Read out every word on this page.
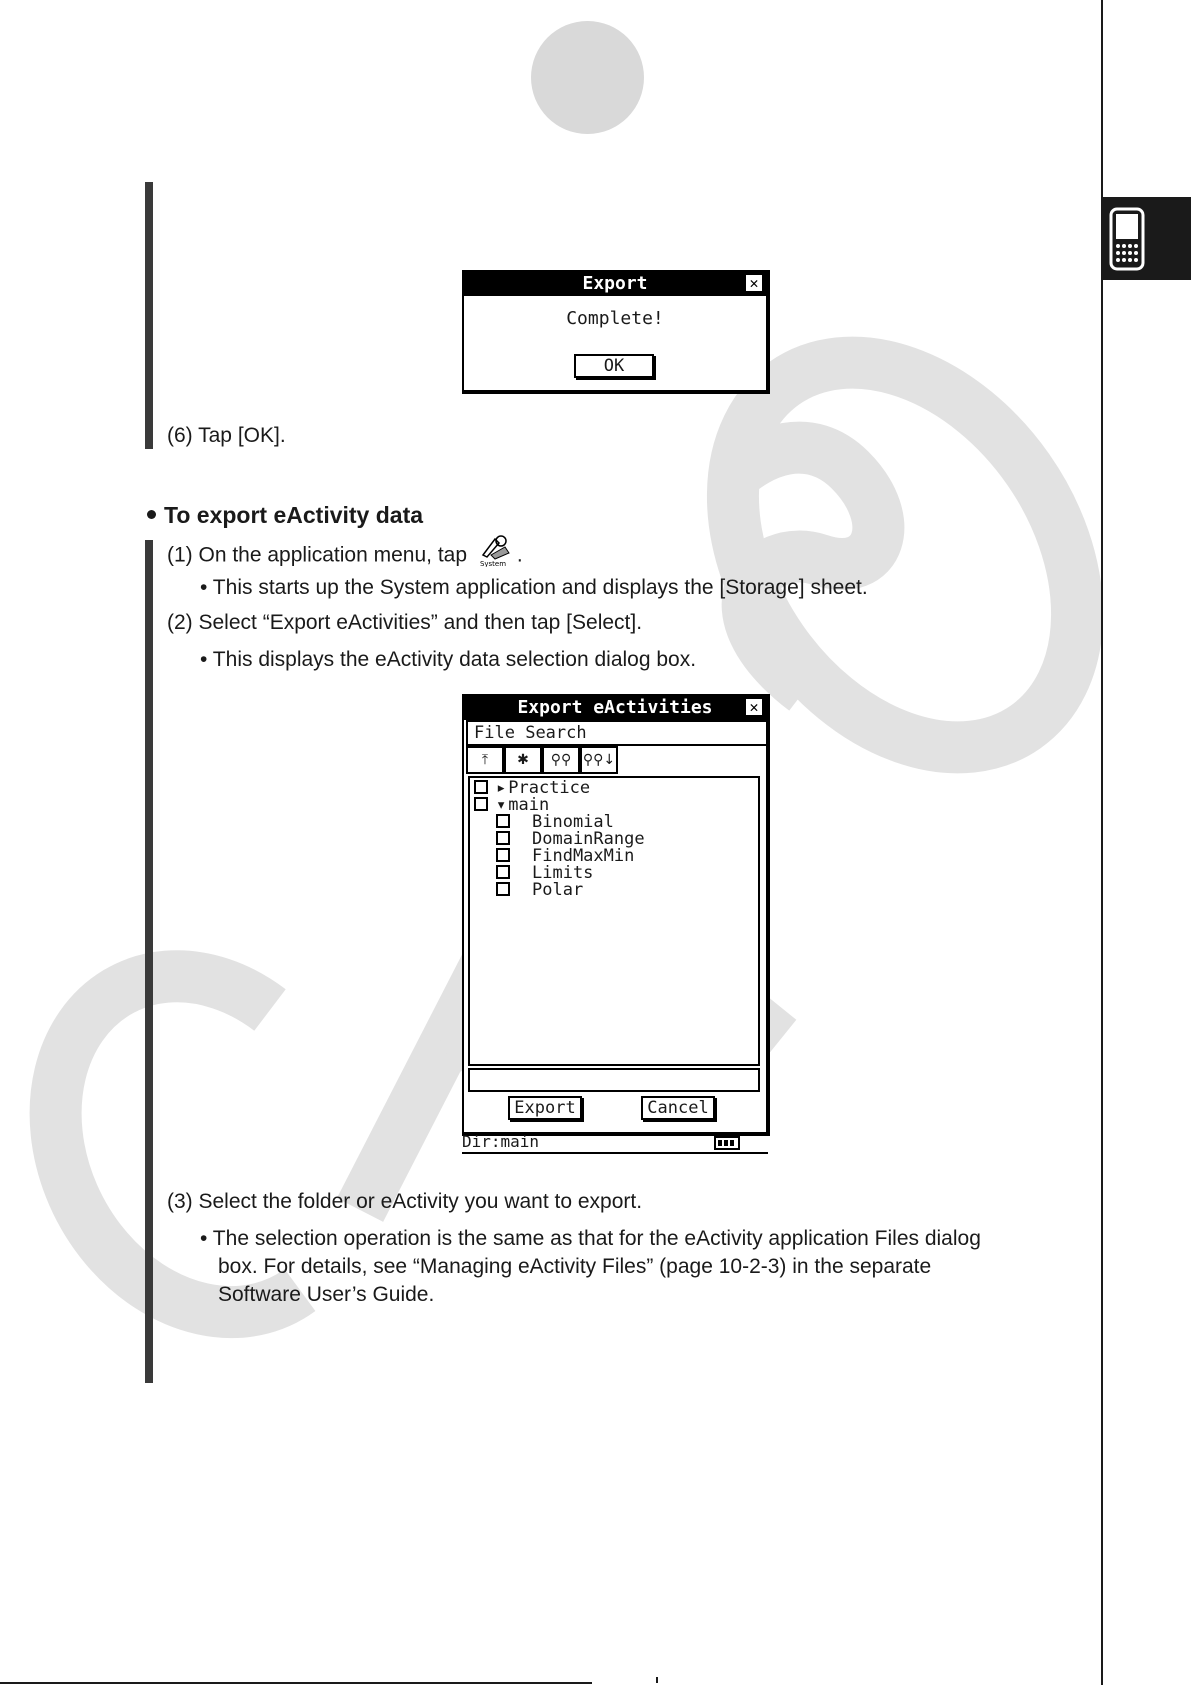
Export	✕
Complete!
OK
(6) Tap [OK].
To export eActivity data
(1) On the application menu, tap System .
• This starts up the System application and displays the [Storage] sheet.
(2) Select “Export eActivities” and then tap [Select].
• This displays the eActivity data selection dialog box.
Export eActivities ✕
File Search
⤒	✱	⚲⚲ ⚲⚲↓
▸ Practice
▾ main
Binomial
DomainRange
FindMaxMin
Limits
Polar
Export	Cancel
Dir:main
(3) Select the folder or eActivity you want to export.
• The selection operation is the same as that for the eActivity application Files dialog
box. For details, see “Managing eActivity Files” (page 10-2-3) in the separate
Software User’s Guide.
